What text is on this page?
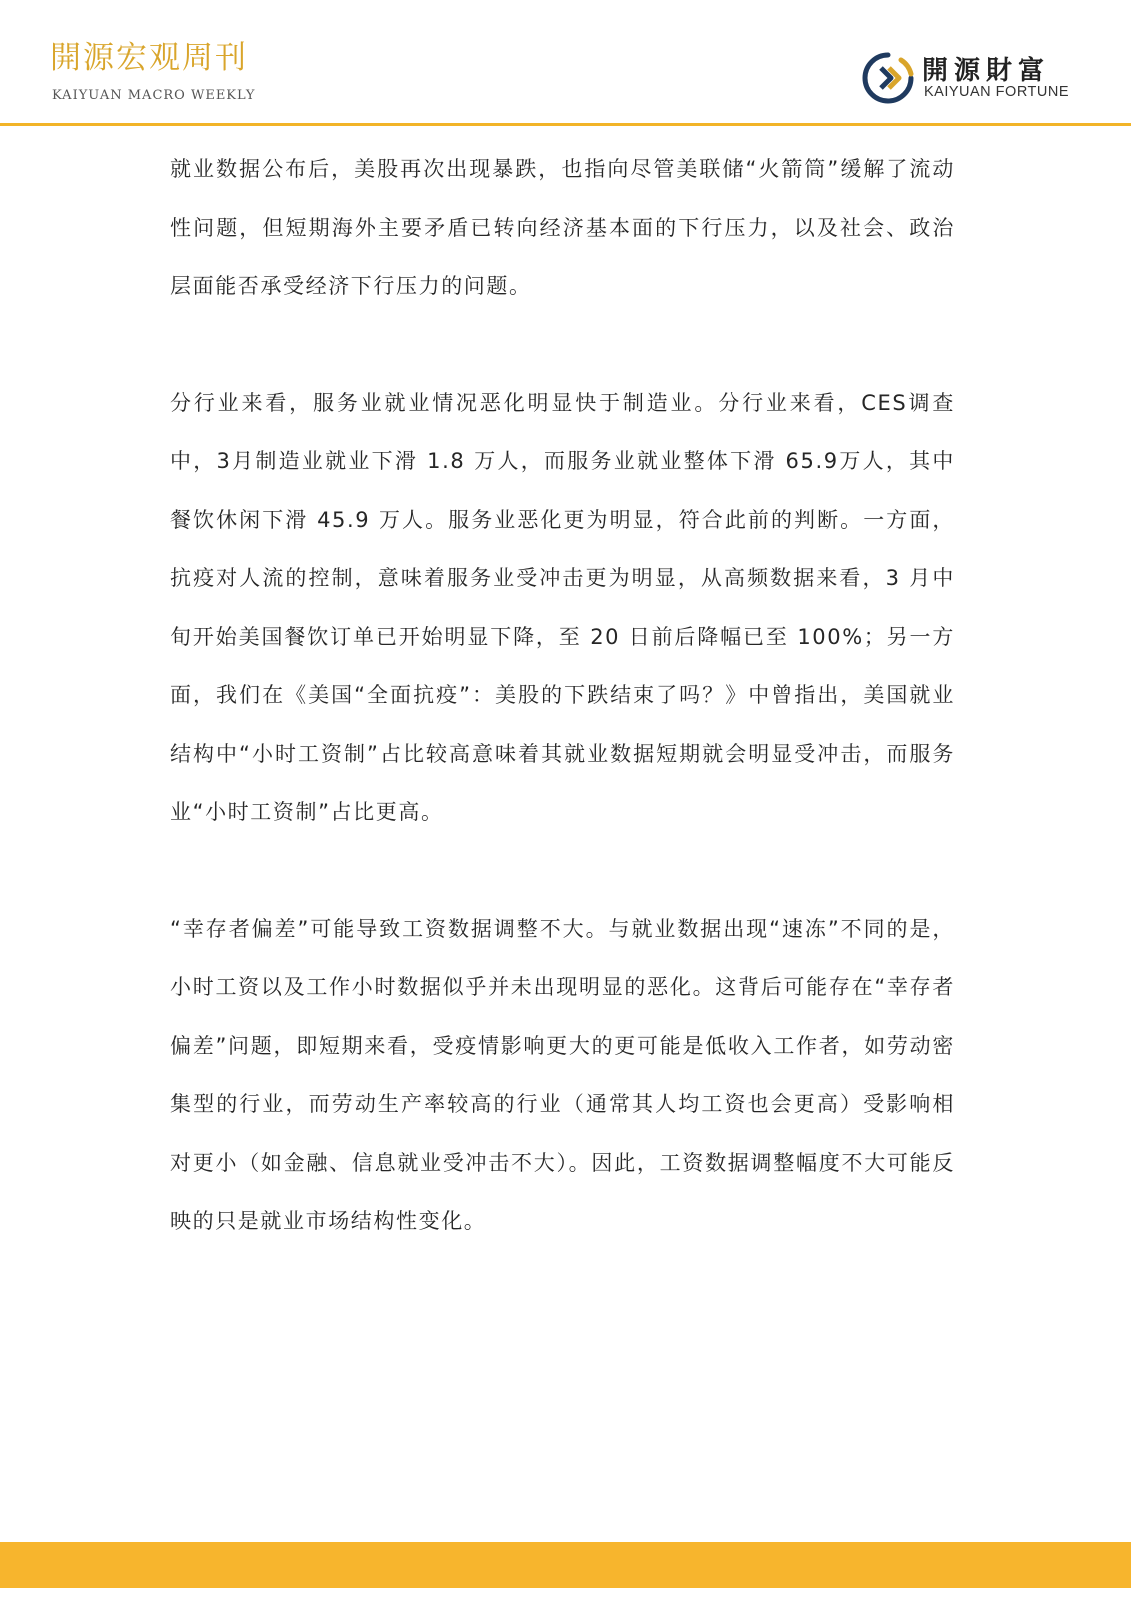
開源宏观周刊
KAIYUAN MACRO WEEKLY
開源財富
KAIYUAN FORTUNE

就业数据公布后，美股再次出现暴跌，也指向尽管美联储“火箭筒”缓解了流动性问题，但短期海外主要矛盾已转向经济基本面的下行压力，以及社会、政治层面能否承受经济下行压力的问题。

分行业来看，服务业就业情况恶化明显快于制造业。分行业来看，CES调查中，3月制造业就业下滑 1.8 万人，而服务业就业整体下滑 65.9万人，其中餐饮休闲下滑 45.9 万人。服务业恶化更为明显，符合此前的判断。一方面，抗疫对人流的控制，意味着服务业受冲击更为明显，从高频数据来看，3 月中旬开始美国餐饮订单已开始明显下降，至 20 日前后降幅已至 100%；另一方面，我们在《美国“全面抗疫”：美股的下跌结束了吗？》中曾指出，美国就业结构中“小时工资制”占比较高意味着其就业数据短期就会明显受冲击，而服务业“小时工资制”占比更高。

“幸存者偏差”可能导致工资数据调整不大。与就业数据出现“速冻”不同的是，小时工资以及工作小时数据似乎并未出现明显的恶化。这背后可能存在“幸存者偏差”问题，即短期来看，受疫情影响更大的更可能是低收入工作者，如劳动密集型的行业，而劳动生产率较高的行业（通常其人均工资也会更高）受影响相对更小（如金融、信息就业受冲击不大）。因此，工资数据调整幅度不大可能反映的只是就业市场结构性变化。
